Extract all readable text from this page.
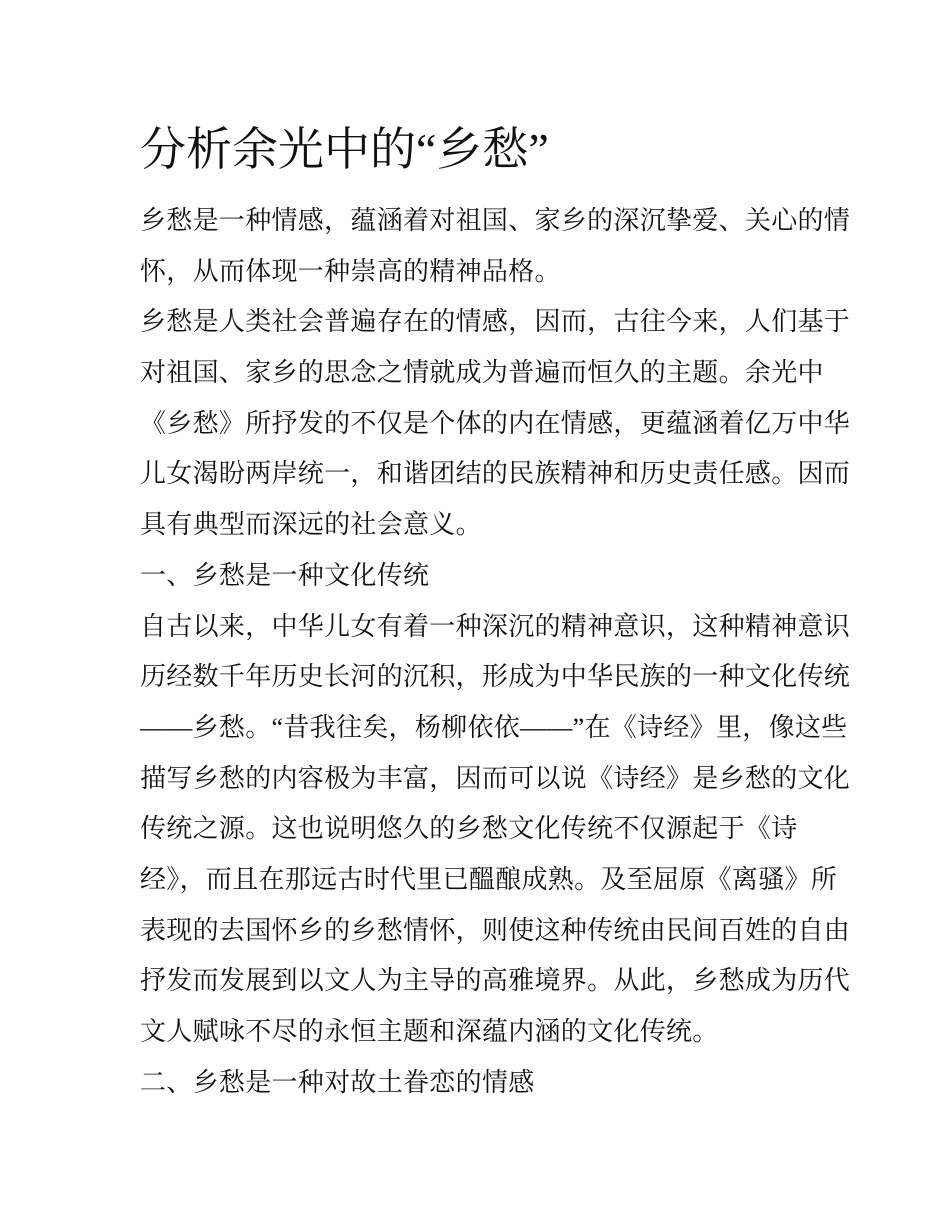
分析余光中的“乡愁”
乡愁是一种情感，蕴涵着对祖国、家乡的深沉挚爱、关心的情
怀，从而体现一种崇高的精神品格。
乡愁是人类社会普遍存在的情感，因而，古往今来，人们基于
对祖国、家乡的思念之情就成为普遍而恒久的主题。余光中
《乡愁》所抒发的不仅是个体的内在情感，更蕴涵着亿万中华
儿女渴盼两岸统一，和谐团结的民族精神和历史责任感。因而
具有典型而深远的社会意义。
一、乡愁是一种文化传统
自古以来，中华儿女有着一种深沉的精神意识，这种精神意识
历经数千年历史长河的沉积，形成为中华民族的一种文化传统
——乡愁。“昔我往矣，杨柳依依——”在《诗经》里，像这些
描写乡愁的内容极为丰富，因而可以说《诗经》是乡愁的文化
传统之源。这也说明悠久的乡愁文化传统不仅源起于《诗
经》，而且在那远古时代里已醞酿成熟。及至屈原《离骚》所
表现的去国怀乡的乡愁情怀，则使这种传统由民间百姓的自由
抒发而发展到以文人为主导的高雅境界。从此，乡愁成为历代
文人赋咏不尽的永恒主题和深蕴内涵的文化传统。
二、乡愁是一种对故土眷恋的情感
